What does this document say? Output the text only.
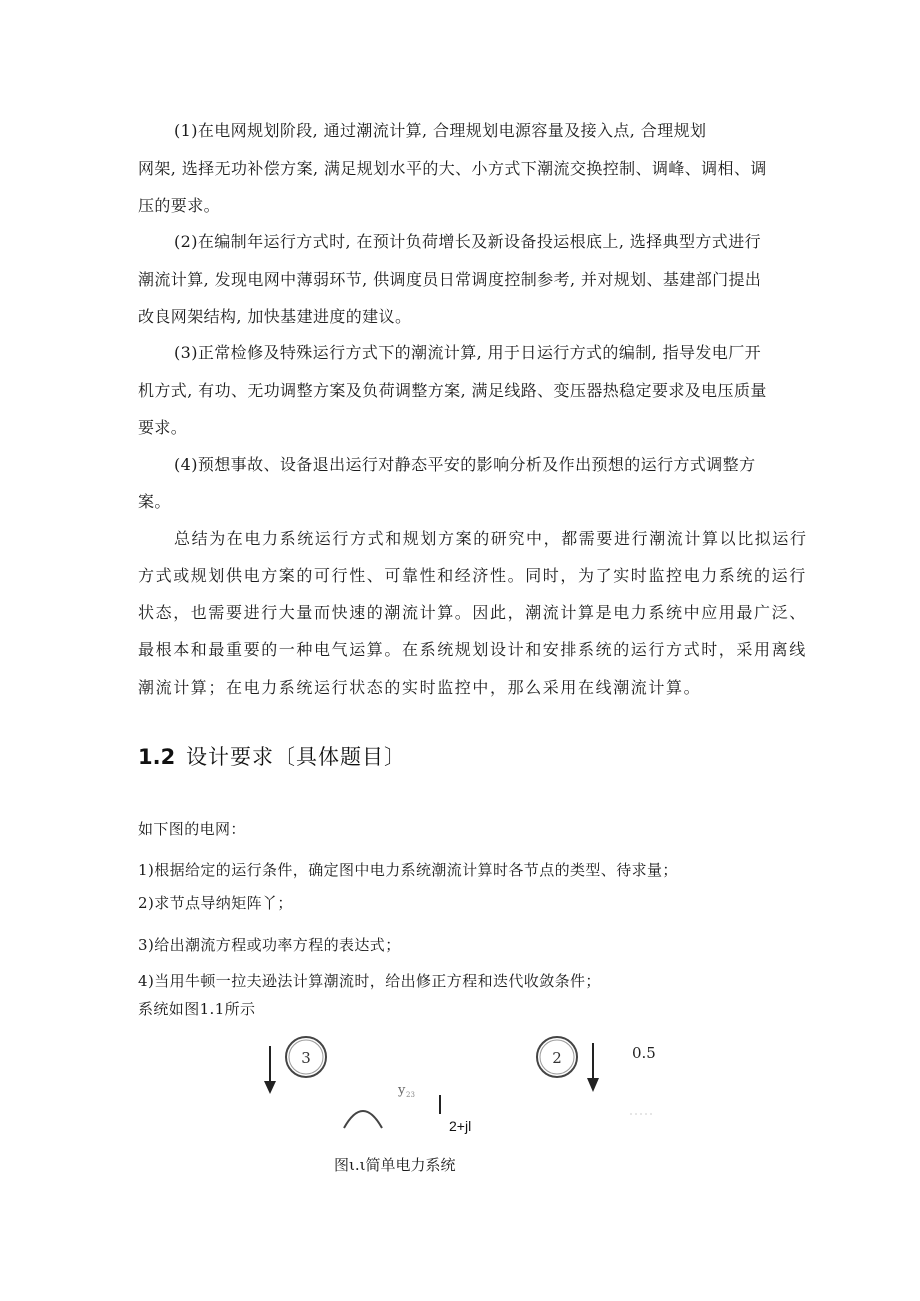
(1)在电网规划阶段, 通过潮流计算, 合理规划电源容量及接入点, 合理规划
网架, 选择无功补偿方案, 满足规划水平的大、小方式下潮流交换控制、调峰、调相、调
压的要求。
(2)在编制年运行方式时, 在预计负荷增长及新设备投运根底上, 选择典型方式进行
潮流计算, 发现电网中薄弱环节, 供调度员日常调度控制参考, 并对规划、基建部门提出
改良网架结构, 加快基建进度的建议。
(3)正常检修及特殊运行方式下的潮流计算, 用于日运行方式的编制, 指导发电厂开
机方式, 有功、无功调整方案及负荷调整方案, 满足线路、变压器热稳定要求及电压质量
要求。
(4)预想事故、设备退出运行对静态平安的影响分析及作出预想的运行方式调整方
案。
总结为在电力系统运行方式和规划方案的研究中，都需要进行潮流计算以比拟运行
方式或规划供电方案的可行性、可靠性和经济性。同时，为了实时监控电力系统的运行
状态，也需要进行大量而快速的潮流计算。因此，潮流计算是电力系统中应用最广泛、
最根本和最重要的一种电气运算。在系统规划设计和安排系统的运行方式时，采用离线
潮流计算；在电力系统运行状态的实时监控中，那么采用在线潮流计算。
1.2 设计要求〔具体题目〕
如下图的电网：
1)根据给定的运行条件，确定图中电力系统潮流计算时各节点的类型、待求量；
2)求节点导纳矩阵丫；
3)给出潮流方程或功率方程的表达式；
4)当用牛顿一拉夫逊法计算潮流时，给出修正方程和迭代收敛条件；
系统如图1.1所示
3
y 23
2+jl
2	0.5
图ι.ι简单电力系统
